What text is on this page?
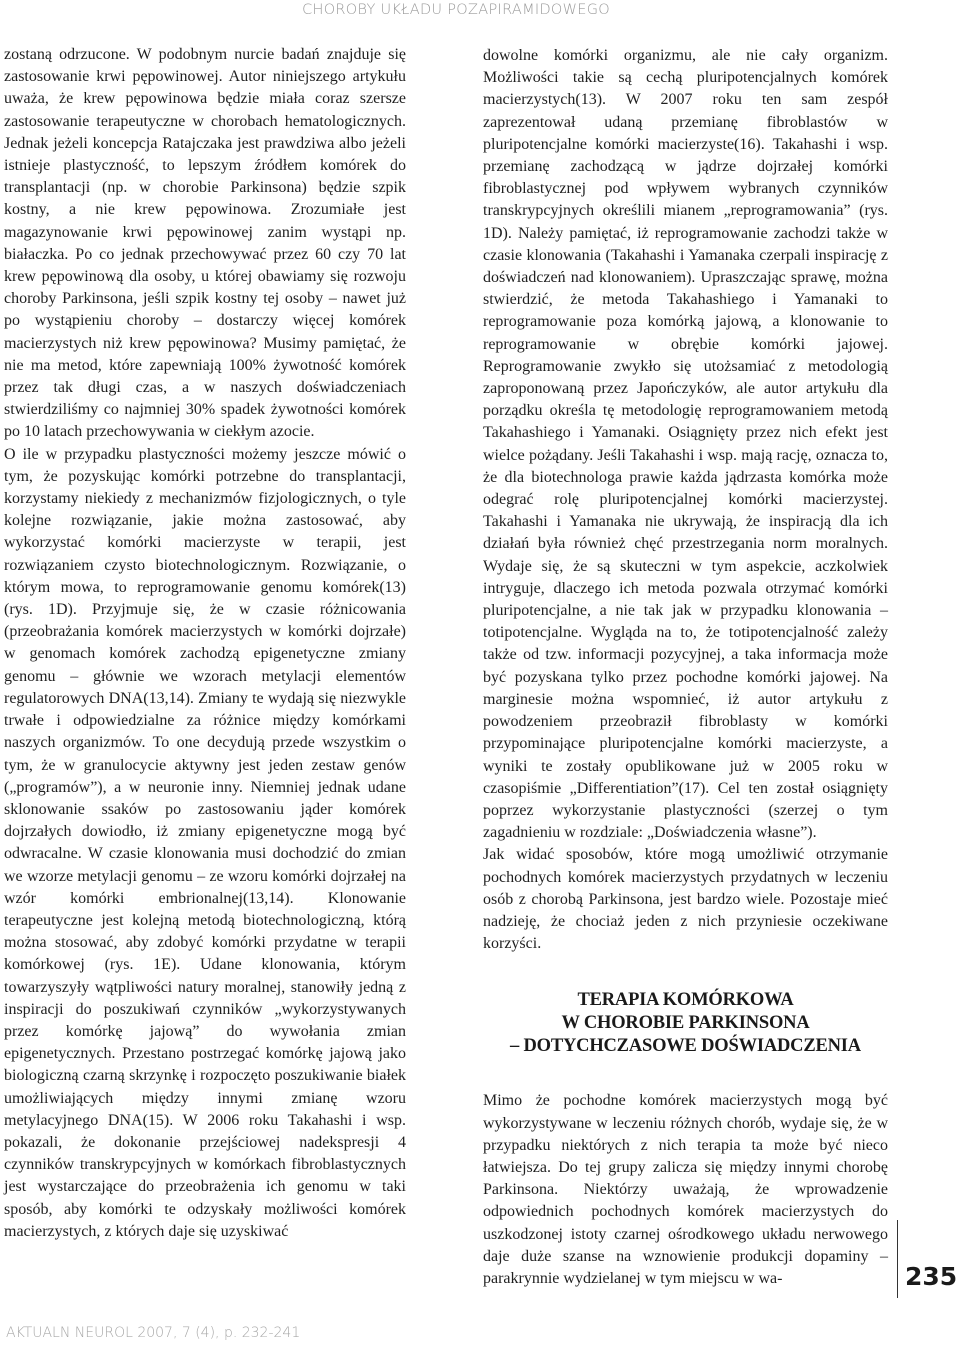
CHOROBY UKŁADU POZAPIRAMIDOWEGO

zostaną odrzucone. W podobnym nurcie badań znajduje się zastosowanie krwi pępowinowej. Autor niniejszego artykułu uważa, że krew pępowinowa będzie miała coraz szersze zastosowanie terapeutyczne w chorobach hematologicznych. Jednak jeżeli koncepcja Ratajczaka jest prawdziwa albo jeżeli istnieje plastyczność, to lepszym źródłem komórek do transplantacji (np. w chorobie Parkinsona) będzie szpik kostny, a nie krew pępowinowa. Zrozumiałe jest magazynowanie krwi pępowinowej zanim wystąpi np. białaczka. Po co jednak przechowywać przez 60 czy 70 lat krew pępowinową dla osoby, u której obawiamy się rozwoju choroby Parkinsona, jeśli szpik kostny tej osoby – nawet już po wystąpieniu choroby – dostarczy więcej komórek macierzystych niż krew pępowinowa? Musimy pamiętać, że nie ma metod, które zapewniają 100% żywotność komórek przez tak długi czas, a w naszych doświadczeniach stwierdziliśmy co najmniej 30% spadek żywotności komórek po 10 latach przechowywania w ciekłym azocie.

O ile w przypadku plastyczności możemy jeszcze mówić o tym, że pozyskując komórki potrzebne do transplantacji, korzystamy niekiedy z mechanizmów fizjologicznych, o tyle kolejne rozwiązanie, jakie można zastosować, aby wykorzystać komórki macierzyste w terapii, jest rozwiązaniem czysto biotechnologicznym. Rozwiązanie, o którym mowa, to reprogramowanie genomu komórek(13) (rys. 1D). Przyjmuje się, że w czasie różnicowania (przeobrażania komórek macierzystych w komórki dojrzałe) w genomach komórek zachodzą epigenetyczne zmiany genomu – głównie we wzorach metylacji elementów regulatorowych DNA(13,14). Zmiany te wydają się niezwykle trwałe i odpowiedzialne za różnice między komórkami naszych organizmów. To one decydują przede wszystkim o tym, że w granulocycie aktywny jest jeden zestaw genów („programów”), a w neuronie inny. Niemniej jednak udane sklonowanie ssaków po zastosowaniu jąder komórek dojrzałych dowiodło, iż zmiany epigenetyczne mogą być odwracalne. W czasie klonowania musi dochodzić do zmian we wzorze metylacji genomu – ze wzoru komórki dojrzałej na wzór komórki embrionalnej(13,14). Klonowanie terapeutyczne jest kolejną metodą biotechnologiczną, którą można stosować, aby zdobyć komórki przydatne w terapii komórkowej (rys. 1E). Udane klonowania, którym towarzyszyły wątpliwości natury moralnej, stanowiły jedną z inspiracji do poszukiwań czynników „wykorzystywanych przez komórkę jajową” do wywołania zmian epigenetycznych. Przestano postrzegać komórkę jajową jako biologiczną czarną skrzynkę i rozpoczęto poszukiwanie białek umożliwiających między innymi zmianę wzoru metylacyjnego DNA(15). W 2006 roku Takahashi i wsp. pokazali, że dokonanie przejściowej nadekspresji 4 czynników transkrypcyjnych w komórkach fibroblastycznych jest wystarczające do przeobrażenia ich genomu w taki sposób, aby komórki te odzyskały możliwości komórek macierzystych, z których daje się uzyskiwać

dowolne komórki organizmu, ale nie cały organizm. Możliwości takie są cechą pluripotencjalnych komórek macierzystych(13). W 2007 roku ten sam zespół zaprezentował udaną przemianę fibroblastów w pluripotencjalne komórki macierzyste(16). Takahashi i wsp. przemianę zachodzącą w jądrze dojrzałej komórki fibroblastycznej pod wpływem wybranych czynników transkrypcyjnych określili mianem „reprogramowania” (rys. 1D). Należy pamiętać, iż reprogramowanie zachodzi także w czasie klonowania (Takahashi i Yamanaka czerpali inspirację z doświadczeń nad klonowaniem). Upraszczając sprawę, można stwierdzić, że metoda Takahashiego i Yamanaki to reprogramowanie poza komórką jajową, a klonowanie to reprogramowanie w obrębie komórki jajowej. Reprogramowanie zwykło się utożsamiać z metodologią zaproponowaną przez Japończyków, ale autor artykułu dla porządku określa tę metodologię reprogramowaniem metodą Takahashiego i Yamanaki. Osiągnięty przez nich efekt jest wielce pożądany. Jeśli Takahashi i wsp. mają rację, oznacza to, że dla biotechnologa prawie każda jądrzasta komórka może odegrać rolę pluripotencjalnej komórki macierzystej. Takahashi i Yamanaka nie ukrywają, że inspiracją dla ich działań była również chęć przestrzegania norm moralnych. Wydaje się, że są skuteczni w tym aspekcie, aczkolwiek intryguje, dlaczego ich metoda pozwala otrzymać komórki pluripotencjalne, a nie tak jak w przypadku klonowania – totipotencjalne. Wygląda na to, że totipotencjalność zależy także od tzw. informacji pozycyjnej, a taka informacja może być pozyskana tylko przez pochodne komórki jajowej. Na marginesie można wspomnieć, iż autor artykułu z powodzeniem przeobraził fibroblasty w komórki przypominające pluripotencjalne komórki macierzyste, a wyniki te zostały opublikowane już w 2005 roku w czasopiśmie „Differentiation”(17). Cel ten został osiągnięty poprzez wykorzystanie plastyczności (szerzej o tym zagadnieniu w rozdziale: „Doświadczenia własne”).

Jak widać sposobów, które mogą umożliwić otrzymanie pochodnych komórek macierzystych przydatnych w leczeniu osób z chorobą Parkinsona, jest bardzo wiele. Pozostaje mieć nadzieję, że chociaż jeden z nich przyniesie oczekiwane korzyści.

TERAPIA KOMÓRKOWA
W CHOROBIE PARKINSONA
– DOTYCHCZASOWE DOŚWIADCZENIA

Mimo że pochodne komórek macierzystych mogą być wykorzystywane w leczeniu różnych chorób, wydaje się, że w przypadku niektórych z nich terapia ta może być nieco łatwiejsza. Do tej grupy zalicza się między innymi chorobę Parkinsona. Niektórzy uważają, że wprowadzenie odpowiednich pochodnych komórek macierzystych do uszkodzonej istoty czarnej ośrodkowego układu nerwowego daje duże szanse na wznowienie produkcji dopaminy – parakrynnie wydzielanej w tym miejscu w wa-	235
AKTUALN NEUROL 2007, 7 (4), p. 232-241
